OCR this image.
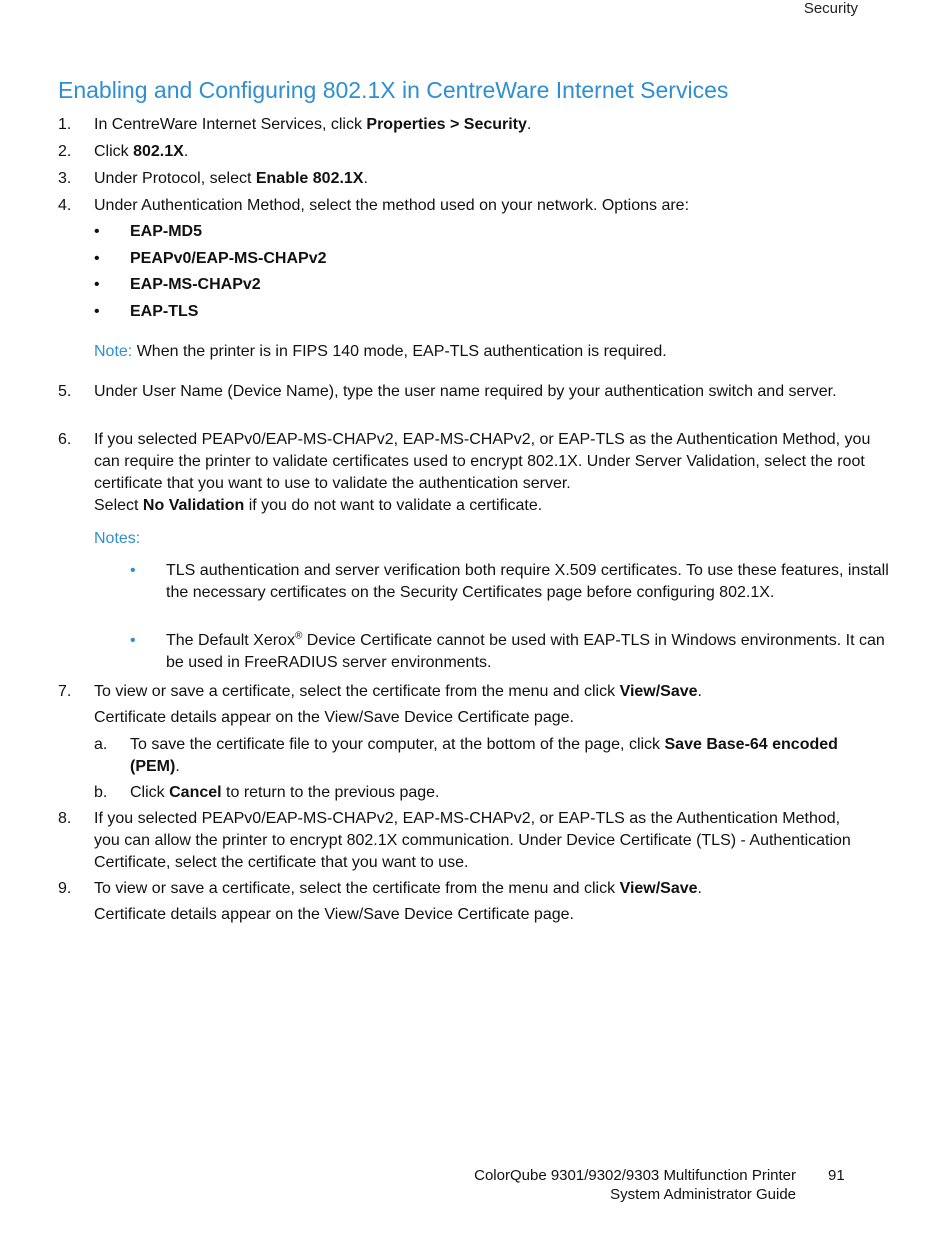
Security
Enabling and Configuring 802.1X in CentreWare Internet Services
1. In CentreWare Internet Services, click Properties > Security.
2. Click 802.1X.
3. Under Protocol, select Enable 802.1X.
4. Under Authentication Method, select the method used on your network. Options are:
• EAP-MD5
• PEAPv0/EAP-MS-CHAPv2
• EAP-MS-CHAPv2
• EAP-TLS
Note: When the printer is in FIPS 140 mode, EAP-TLS authentication is required.
5. Under User Name (Device Name), type the user name required by your authentication switch and server.
6. If you selected PEAPv0/EAP-MS-CHAPv2, EAP-MS-CHAPv2, or EAP-TLS as the Authentication Method, you can require the printer to validate certificates used to encrypt 802.1X. Under Server Validation, select the root certificate that you want to use to validate the authentication server.
Select No Validation if you do not want to validate a certificate.
Notes:
• TLS authentication and server verification both require X.509 certificates. To use these features, install the necessary certificates on the Security Certificates page before configuring 802.1X.
• The Default Xerox® Device Certificate cannot be used with EAP-TLS in Windows environments. It can be used in FreeRADIUS server environments.
7. To view or save a certificate, select the certificate from the menu and click View/Save.
Certificate details appear on the View/Save Device Certificate page.
a. To save the certificate file to your computer, at the bottom of the page, click Save Base-64 encoded (PEM).
b. Click Cancel to return to the previous page.
8. If you selected PEAPv0/EAP-MS-CHAPv2, EAP-MS-CHAPv2, or EAP-TLS as the Authentication Method, you can allow the printer to encrypt 802.1X communication. Under Device Certificate (TLS) - Authentication Certificate, select the certificate that you want to use.
9. To view or save a certificate, select the certificate from the menu and click View/Save.
Certificate details appear on the View/Save Device Certificate page.
ColorQube 9301/9302/9303 Multifunction Printer
System Administrator Guide
91
